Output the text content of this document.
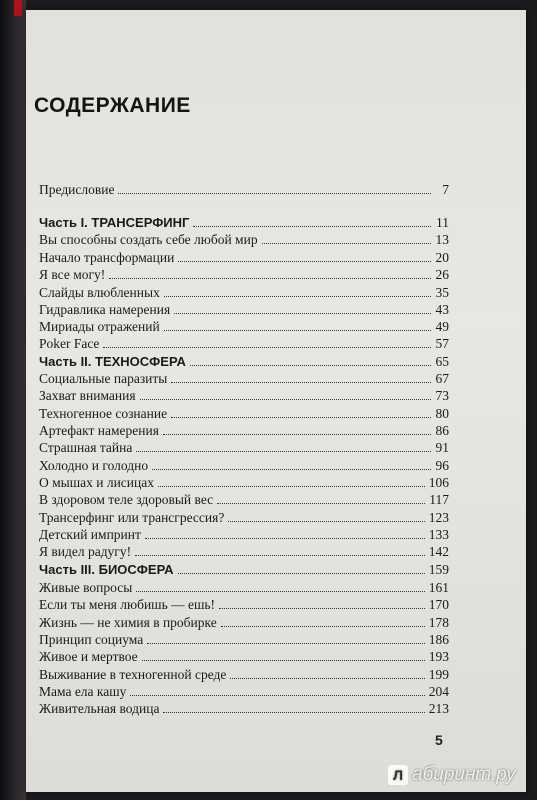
СОДЕРЖАНИЕ
Предисловие	7
Часть I. ТРАНСЕРФИНГ	11
Вы способны создать себе любой мир	13
Начало трансформации	20
Я все могу!	26
Слайды влюбленных	35
Гидравлика намерения	43
Мириады отражений	49
Poker Face	57
Часть II. ТЕХНОСФЕРА	65
Социальные паразиты	67
Захват внимания	73
Техногенное сознание	80
Артефакт намерения	86
Страшная тайна	91
Холодно и голодно	96
О мышах и лисицах	106
В здоровом теле здоровый вес	117
Трансерфинг или трансгрессия?	123
Детский импринт	133
Я видел радугу!	142
Часть III. БИОСФЕРА	159
Живые вопросы	161
Если ты меня любишь — ешь!	170
Жизнь — не химия в пробирке	178
Принцип социума	186
Живое и мертвое	193
Выживание в техногенной среде	199
Мама ела кашу	204
Живительная водица	213
5
Л абиринт.ру
